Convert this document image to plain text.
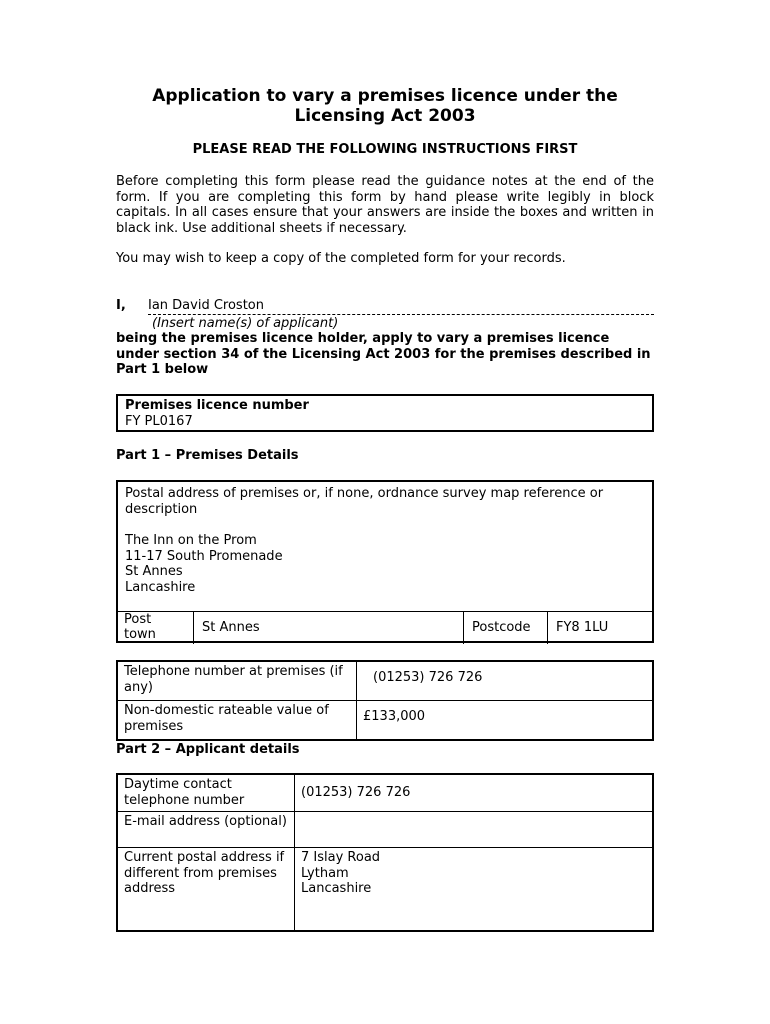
Application to vary a premises licence under the
Licensing Act 2003
PLEASE READ THE FOLLOWING INSTRUCTIONS FIRST
Before completing this form please read the guidance notes at the end of the form. If you are completing this form by hand please write legibly in block capitals. In all cases ensure that your answers are inside the boxes and written in black ink. Use additional sheets if necessary.
You may wish to keep a copy of the completed form for your records.
I, Ian David Croston
(Insert name(s) of applicant)
being the premises licence holder, apply to vary a premises licence under section 34 of the Licensing Act 2003 for the premises described in Part 1 below
Premises licence number
FY PL0167
Part 1 – Premises Details
Postal address of premises or, if none, ordnance survey map reference or description
The Inn on the Prom
11-17 South Promenade
St Annes
Lancashire
Post town	St Annes	Postcode	FY8 1LU
Telephone number at premises (if any)	(01253) 726 726
Non-domestic rateable value of premises	£133,000
Part 2 – Applicant details
Daytime contact telephone number	(01253) 726 726
E-mail address (optional)	
Current postal address if different from premises address	7 Islay Road
Lytham
Lancashire
